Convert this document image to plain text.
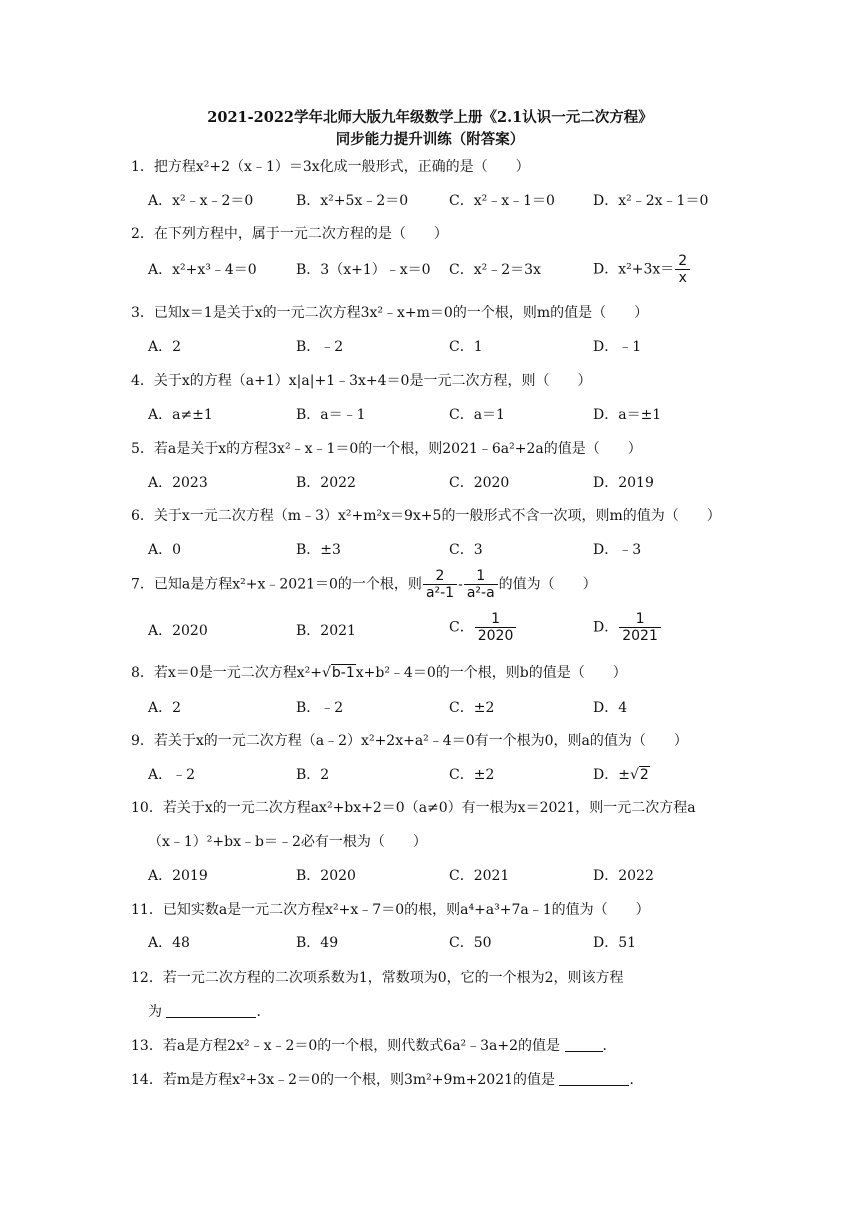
2021-2022学年北师大版九年级数学上册《2.1认识一元二次方程》
同步能力提升训练（附答案）
1．把方程x²+2（x﹣1）＝3x化成一般形式，正确的是（　　）
A．x²﹣x﹣2＝0	B．x²+5x﹣2＝0	C．x²﹣x﹣1＝0	D．x²﹣2x﹣1＝0
2．在下列方程中，属于一元二次方程的是（　　）
A．x²+x³﹣4＝0	B．3（x+1）﹣x＝0 C．x²﹣2＝3x	D．$x^2+3x= \frac{2}{x}$
3．已知x＝1是关于x的一元二次方程3x²﹣x+m＝0的一个根，则m的值是（　　）
A．2	B．﹣2	C．1	D．﹣1
4．关于x的方程（a+1）x|a|+1﹣3x+4＝0是一元二次方程，则（　　）
A．a≠±1	B．a＝﹣1	C．a＝1	D．a＝±1
5．若a是关于x的方程3x²﹣x﹣1＝0的一个根，则2021﹣6a²+2a的值是（　　）
A．2023	B．2022	C．2020	D．2019
6．关于x一元二次方程（m﹣3）x²+m²x＝9x+5的一般形式不含一次项，则m的值为（　　）
A．0	B．±3	C．3	D．﹣3
7．已知a是方程x²+x﹣2021＝0的一个根，则 $\frac{2}{\text{a²-1}} - \frac{1}{\text{a²-a}}$ 的值为（　　）
A．2020	B．2021	C． $\frac{1}{2020}$	D． $\frac{1}{2021}$
8．若x＝0是一元二次方程x²+√b-1x+b²﹣4＝0的一个根，则b的值是（　　）
A．2	B．﹣2	C．±2	D．4
9．若关于x的一元二次方程（a﹣2）x²+2x+a²﹣4＝0有一个根为0，则a的值为（　　）
A．﹣2	B．2	C．±2	D．±√2
10．若关于x的一元二次方程ax²+bx+2＝0（a≠0）有一根为x＝2021，则一元二次方程a
（x﹣1）²+bx﹣b＝﹣2必有一根为（　　）
A．2019	B．2020	C．2021	D．2022
11．已知实数a是一元二次方程x²+x﹣7＝0的根，则a⁴+a³+7a﹣1的值为（　　）
A．48	B．49	C．50	D．51
12．若一元二次方程的二次项系数为1，常数项为0，它的一个根为2，则该方程
为	．
13．若a是方程2x²﹣x﹣2＝0的一个根，则代数式6a²﹣3a+2的值是	．
14．若m是方程x²+3x﹣2＝0的一个根，则3m²+9m+2021的值是	．
